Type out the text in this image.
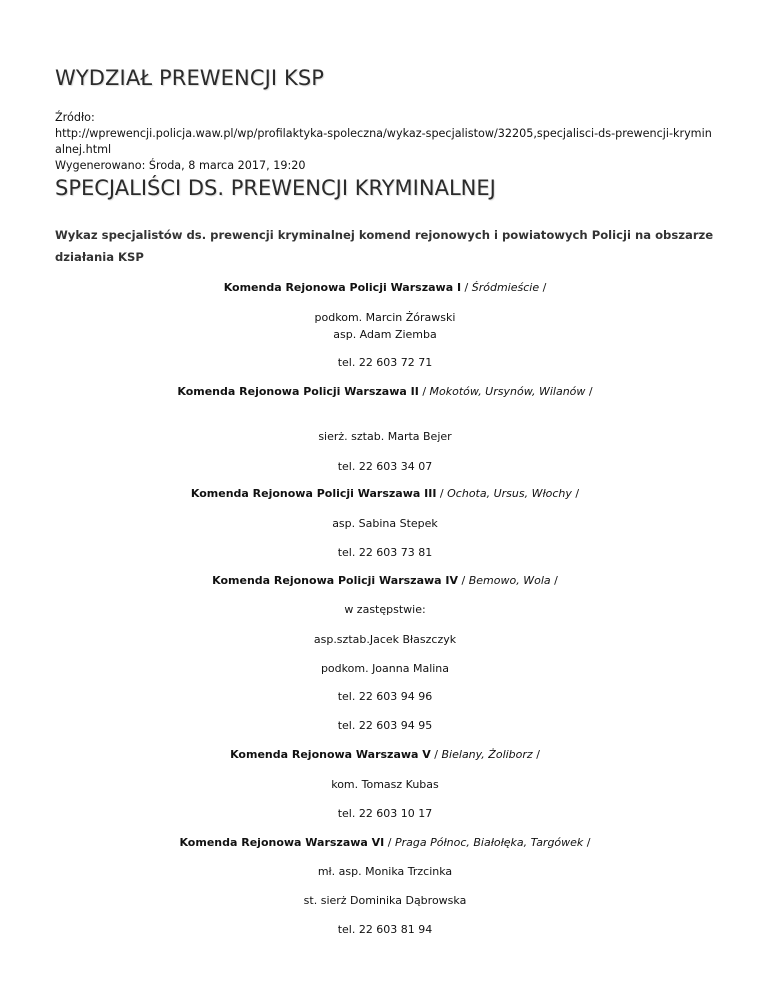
WYDZIAŁ PREWENCJI KSP
Źródło:
http://wprewencji.policja.waw.pl/wp/profilaktyka-spoleczna/wykaz-specjalistow/32205,specjalisci-ds-prewencji-kryminalnej.html
Wygenerowano: Środa, 8 marca 2017, 19:20
SPECJALIŚCI DS. PREWENCJI KRYMINALNEJ

Wykaz specjalistów ds. prewencji kryminalnej komend rejonowych i powiatowych Policji na obszarze działania KSP

Komenda Rejonowa Policji Warszawa I / Śródmieście /
podkom. Marcin Żórawski
asp. Adam Ziemba
tel. 22 603 72 71
Komenda Rejonowa Policji Warszawa II / Mokotów, Ursynów, Wilanów /
sierż. sztab. Marta Bejer
tel. 22 603 34 07
Komenda Rejonowa Policji Warszawa III / Ochota, Ursus, Włochy /
asp. Sabina Stepek
tel. 22 603 73 81
Komenda Rejonowa Policji Warszawa IV / Bemowo, Wola /
w zastępstwie:
asp.sztab.Jacek Błaszczyk
podkom. Joanna Malina
tel. 22 603 94 96
tel. 22 603 94 95
Komenda Rejonowa Warszawa V / Bielany, Żoliborz /
kom. Tomasz Kubas
tel. 22 603 10 17
Komenda Rejonowa Warszawa VI / Praga Północ, Białołęka, Targówek /
mł. asp. Monika Trzcinka
st. sierż Dominika Dąbrowska
tel. 22 603 81 94
